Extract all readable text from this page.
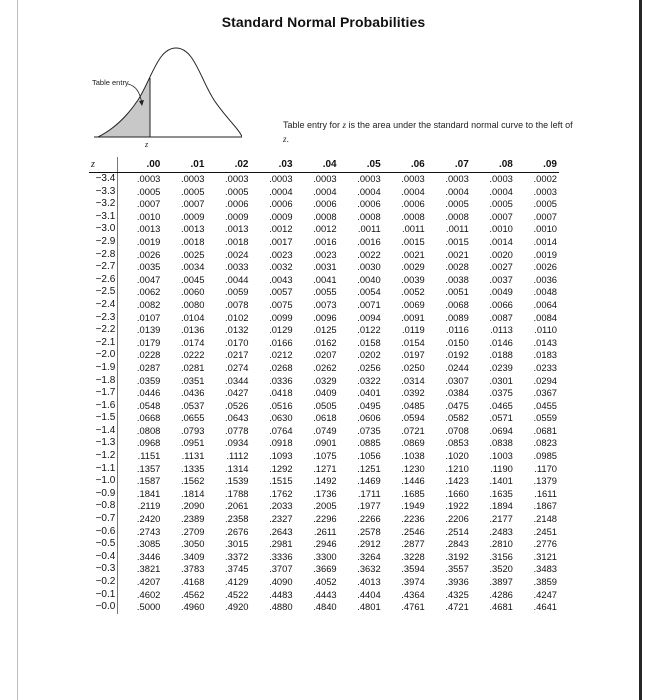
Standard Normal Probabilities
Table entry
z
Table entry for z is the area under the standard normal curve to the left of z.
z	.00	.01	.02	.03	.04	.05	.06	.07	.08	.09
−3.4	.0003	.0003	.0003	.0003	.0003	.0003	.0003	.0003	.0003	.0002
−3.3	.0005	.0005	.0005	.0004	.0004	.0004	.0004	.0004	.0004	.0003
−3.2	.0007	.0007	.0006	.0006	.0006	.0006	.0006	.0005	.0005	.0005
−3.1	.0010	.0009	.0009	.0009	.0008	.0008	.0008	.0008	.0007	.0007
−3.0	.0013	.0013	.0013	.0012	.0012	.0011	.0011	.0011	.0010	.0010
−2.9	.0019	.0018	.0018	.0017	.0016	.0016	.0015	.0015	.0014	.0014
−2.8	.0026	.0025	.0024	.0023	.0023	.0022	.0021	.0021	.0020	.0019
−2.7	.0035	.0034	.0033	.0032	.0031	.0030	.0029	.0028	.0027	.0026
−2.6	.0047	.0045	.0044	.0043	.0041	.0040	.0039	.0038	.0037	.0036
−2.5	.0062	.0060	.0059	.0057	.0055	.0054	.0052	.0051	.0049	.0048
−2.4	.0082	.0080	.0078	.0075	.0073	.0071	.0069	.0068	.0066	.0064
−2.3	.0107	.0104	.0102	.0099	.0096	.0094	.0091	.0089	.0087	.0084
−2.2	.0139	.0136	.0132	.0129	.0125	.0122	.0119	.0116	.0113	.0110
−2.1	.0179	.0174	.0170	.0166	.0162	.0158	.0154	.0150	.0146	.0143
−2.0	.0228	.0222	.0217	.0212	.0207	.0202	.0197	.0192	.0188	.0183
−1.9	.0287	.0281	.0274	.0268	.0262	.0256	.0250	.0244	.0239	.0233
−1.8	.0359	.0351	.0344	.0336	.0329	.0322	.0314	.0307	.0301	.0294
−1.7	.0446	.0436	.0427	.0418	.0409	.0401	.0392	.0384	.0375	.0367
−1.6	.0548	.0537	.0526	.0516	.0505	.0495	.0485	.0475	.0465	.0455
−1.5	.0668	.0655	.0643	.0630	.0618	.0606	.0594	.0582	.0571	.0559
−1.4	.0808	.0793	.0778	.0764	.0749	.0735	.0721	.0708	.0694	.0681
−1.3	.0968	.0951	.0934	.0918	.0901	.0885	.0869	.0853	.0838	.0823
−1.2	.1151	.1131	.1112	.1093	.1075	.1056	.1038	.1020	.1003	.0985
−1.1	.1357	.1335	.1314	.1292	.1271	.1251	.1230	.1210	.1190	.1170
−1.0	.1587	.1562	.1539	.1515	.1492	.1469	.1446	.1423	.1401	.1379
−0.9	.1841	.1814	.1788	.1762	.1736	.1711	.1685	.1660	.1635	.1611
−0.8	.2119	.2090	.2061	.2033	.2005	.1977	.1949	.1922	.1894	.1867
−0.7	.2420	.2389	.2358	.2327	.2296	.2266	.2236	.2206	.2177	.2148
−0.6	.2743	.2709	.2676	.2643	.2611	.2578	.2546	.2514	.2483	.2451
−0.5	.3085	.3050	.3015	.2981	.2946	.2912	.2877	.2843	.2810	.2776
−0.4	.3446	.3409	.3372	.3336	.3300	.3264	.3228	.3192	.3156	.3121
−0.3	.3821	.3783	.3745	.3707	.3669	.3632	.3594	.3557	.3520	.3483
−0.2	.4207	.4168	.4129	.4090	.4052	.4013	.3974	.3936	.3897	.3859
−0.1	.4602	.4562	.4522	.4483	.4443	.4404	.4364	.4325	.4286	.4247
−0.0	.5000	.4960	.4920	.4880	.4840	.4801	.4761	.4721	.4681	.4641
